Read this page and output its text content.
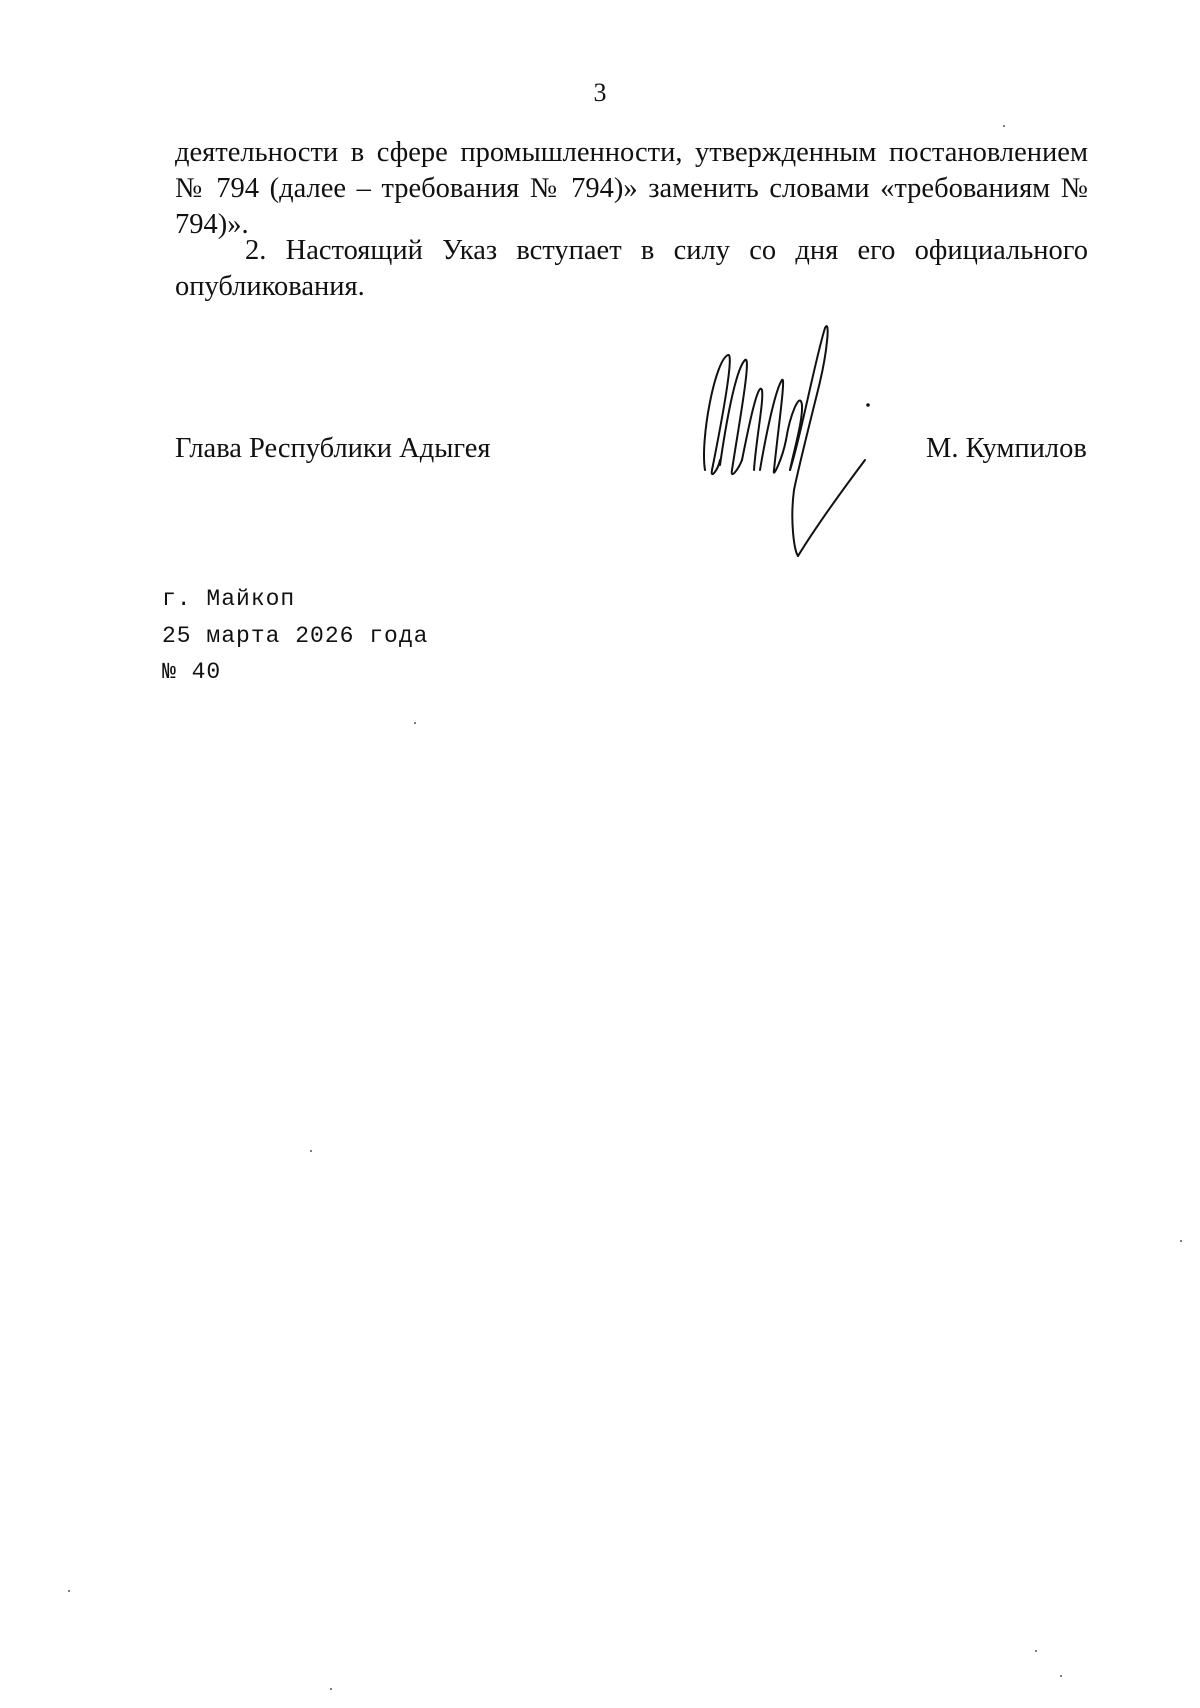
3
деятельности в сфере промышленности, утвержденным постановлением № 794 (далее – требования № 794)» заменить словами «требованиям № 794)».
2. Настоящий Указ вступает в силу со дня его официального опубликования.
Глава Республики Адыгея	М. Кумпилов
г. Майкоп
25 марта 2026 года
№ 40
